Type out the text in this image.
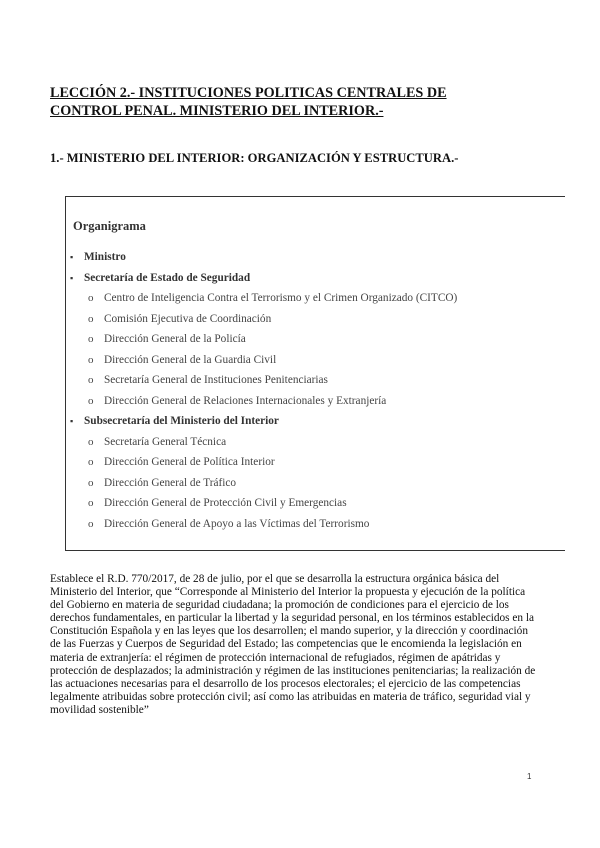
LECCIÓN 2.- INSTITUCIONES POLITICAS CENTRALES DE
CONTROL PENAL. MINISTERIO DEL INTERIOR.-
1.- MINISTERIO DEL INTERIOR: ORGANIZACIÓN Y ESTRUCTURA.-
Organigrama
▪ Ministro
▪ Secretaría de Estado de Seguridad
o Centro de Inteligencia Contra el Terrorismo y el Crimen Organizado (CITCO)
o Comisión Ejecutiva de Coordinación
o Dirección General de la Policía
o Dirección General de la Guardia Civil
o Secretaría General de Instituciones Penitenciarias
o Dirección General de Relaciones Internacionales y Extranjería
▪ Subsecretaría del Ministerio del Interior
o Secretaría General Técnica
o Dirección General de Política Interior
o Dirección General de Tráfico
o Dirección General de Protección Civil y Emergencias
o Dirección General de Apoyo a las Víctimas del Terrorismo
Establece el R.D. 770/2017, de 28 de julio, por el que se desarrolla la estructura orgánica básica del Ministerio del Interior, que “Corresponde al Ministerio del Interior la propuesta y ejecución de la política del Gobierno en materia de seguridad ciudadana; la promoción de condiciones para el ejercicio de los derechos fundamentales, en particular la libertad y la seguridad personal, en los términos establecidos en la Constitución Española y en las leyes que los desarrollen; el mando superior, y la dirección y coordinación de las Fuerzas y Cuerpos de Seguridad del Estado; las competencias que le encomienda la legislación en materia de extranjería: el régimen de protección internacional de refugiados, régimen de apátridas y protección de desplazados; la administración y régimen de las instituciones penitenciarias; la realización de las actuaciones necesarias para el desarrollo de los procesos electorales; el ejercicio de las competencias legalmente atribuidas sobre protección civil; así como las atribuidas en materia de tráfico, seguridad vial y movilidad sostenible”
1
